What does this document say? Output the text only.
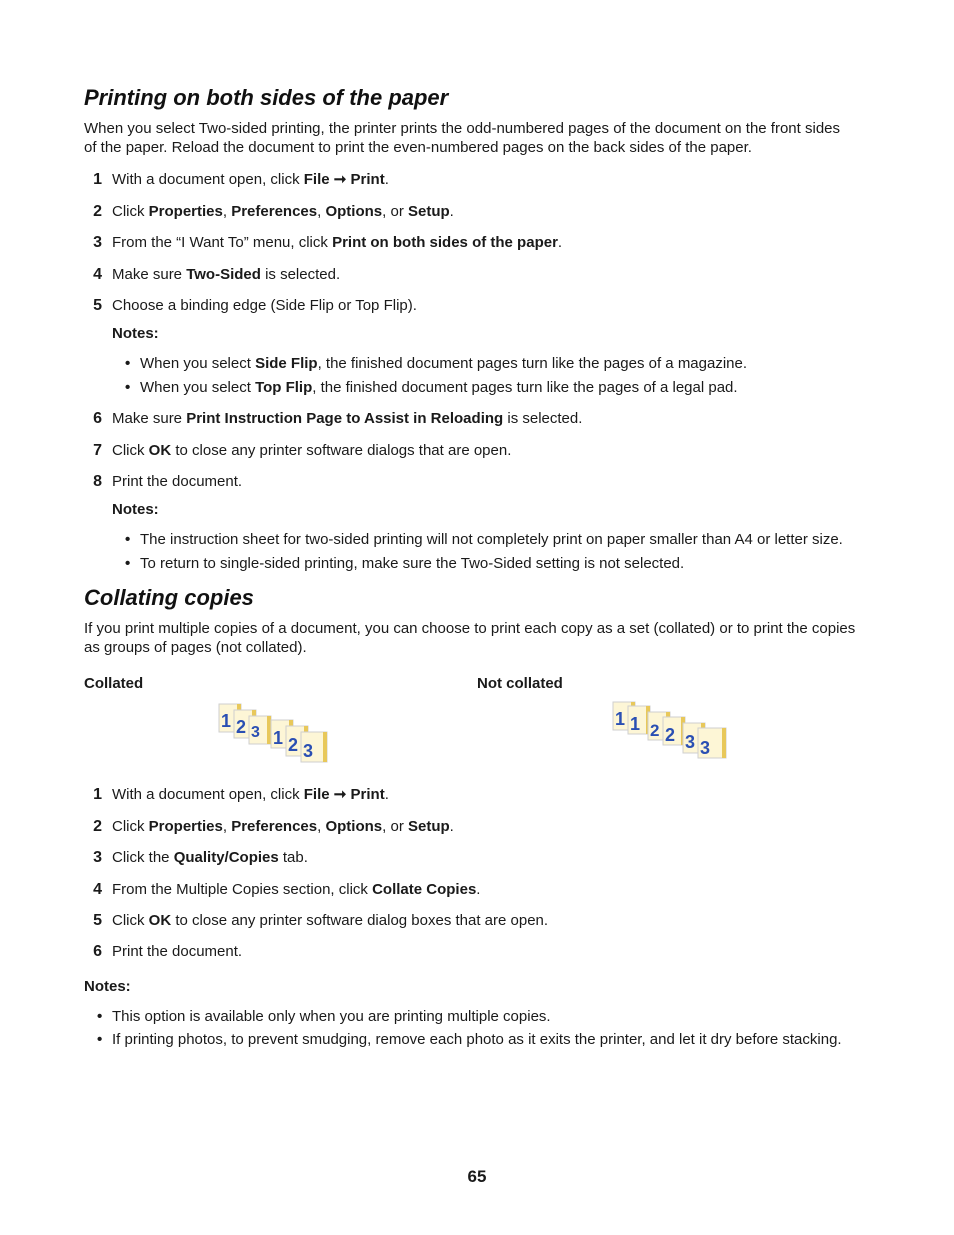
Printing on both sides of the paper

When you select Two-sided printing, the printer prints the odd-numbered pages of the document on the front sides
of the paper. Reload the document to print the even-numbered pages on the back sides of the paper.

1 With a document open, click File ➞ Print.
2 Click Properties, Preferences, Options, or Setup.
3 From the “I Want To” menu, click Print on both sides of the paper.
4 Make sure Two-Sided is selected.
5 Choose a binding edge (Side Flip or Top Flip).
Notes:
• When you select Side Flip, the finished document pages turn like the pages of a magazine.
• When you select Top Flip, the finished document pages turn like the pages of a legal pad.
6 Make sure Print Instruction Page to Assist in Reloading is selected.
7 Click OK to close any printer software dialogs that are open.
8 Print the document.
Notes:
• The instruction sheet for two-sided printing will not completely print on paper smaller than A4 or letter size.
• To return to single-sided printing, make sure the Two-Sided setting is not selected.
Collating copies

If you print multiple copies of a document, you can choose to print each copy as a set (collated) or to print the copies
as groups of pages (not collated).

Collated	Not collated
1 2 3 1 2 3
1 1 2 2 3 3
1 With a document open, click File ➞ Print.
2 Click Properties, Preferences, Options, or Setup.
3 Click the Quality/Copies tab.
4 From the Multiple Copies section, click Collate Copies.
5 Click OK to close any printer software dialog boxes that are open.
6 Print the document.
Notes:
• This option is available only when you are printing multiple copies.
• If printing photos, to prevent smudging, remove each photo as it exits the printer, and let it dry before stacking.
65
